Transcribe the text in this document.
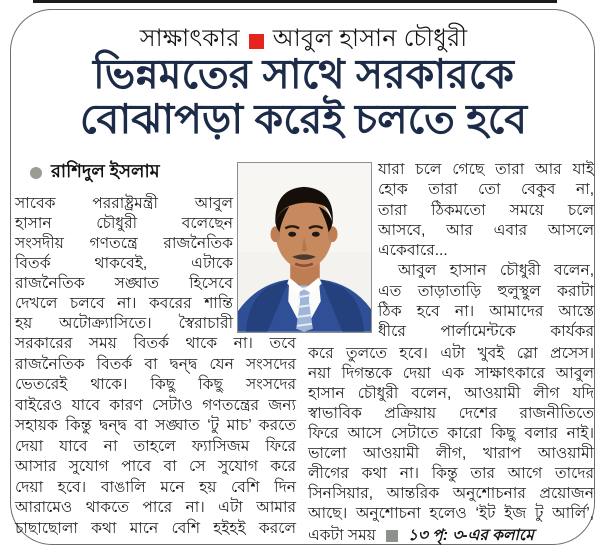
সাক্ষাৎকার আবুল হাসান চৌধুরী
ভিন্নমতের সাথে সরকারকে
বোঝাপড়া করেই চলতে হবে
রাশিদুল ইসলাম
সাবেক পররাষ্ট্রমন্ত্রী আবুল
হাসান চৌধুরী বলেছেন
সংসদীয় গণতন্ত্রে রাজনৈতিক
বিতর্ক থাকবেই, এটাকে
রাজনৈতিক সঙ্ঘাত হিসেবে
দেখলে চলবে না। কবরের শান্তি
হয় অটোক্র্যাসিতে। স্বৈরাচারী
সরকারের সময় বিতর্ক থাকে না। তবে
রাজনৈতিক বিতর্ক বা দ্বন্দ্ব যেন সংসদের
ভেতরেই থাকে। কিছু কিছু সংসদের
বাইরেও যাবে কারণ সেটাও গণতন্ত্রের জন্য
সহায়ক কিন্তু দ্বন্দ্ব বা সঙ্ঘাত ‘টু মাচ’ করতে
দেয়া যাবে না তাহলে ফ্যাসিজম ফিরে
আসার সুযোগ পাবে বা সে সুযোগ করে
দেয়া হবে। বাঙালি মনে হয় বেশি দিন
আরামেও থাকতে পারে না। এটা আমার
চাছাছোলা কথা মানে বেশি হইহই করলে
যারা চলে গেছে তারা আর যাই
হোক তারা তো বেকুব না,
তারা ঠিকমতো সময়ে চলে
আসবে, আর এবার আসলে
একেবারে...
আবুল হাসান চৌধুরী বলেন,
এত তাড়াতাড়ি হুলুস্থুল করাটা
ঠিক হবে না। আমাদের আস্তে
ধীরে পার্লামেন্টকে কার্যকর
করে তুলতে হবে। এটা খুবই স্লো প্রসেস।
নয়া দিগন্তকে দেয়া এক সাক্ষাৎকারে আবুল
হাসান চৌধুরী বলেন, আওয়ামী লীগ যদি
স্বাভাবিক প্রক্রিয়ায় দেশের রাজনীতিতে
ফিরে আসে সেটাতে কারো কিছু বলার নাই।
ভালো আওয়ামী লীগ, খারাপ আওয়ামী
লীগের কথা না। কিন্তু তার আগে তাদের
সিনসিয়ার, আন্তরিক অনুশোচনার প্রয়োজন
আছে। অনুশোচনা হলেও ‘ইট ইজ টু আর্লি’,
একটা সময় ১৩ পৃ: ৩-এর কলামে
